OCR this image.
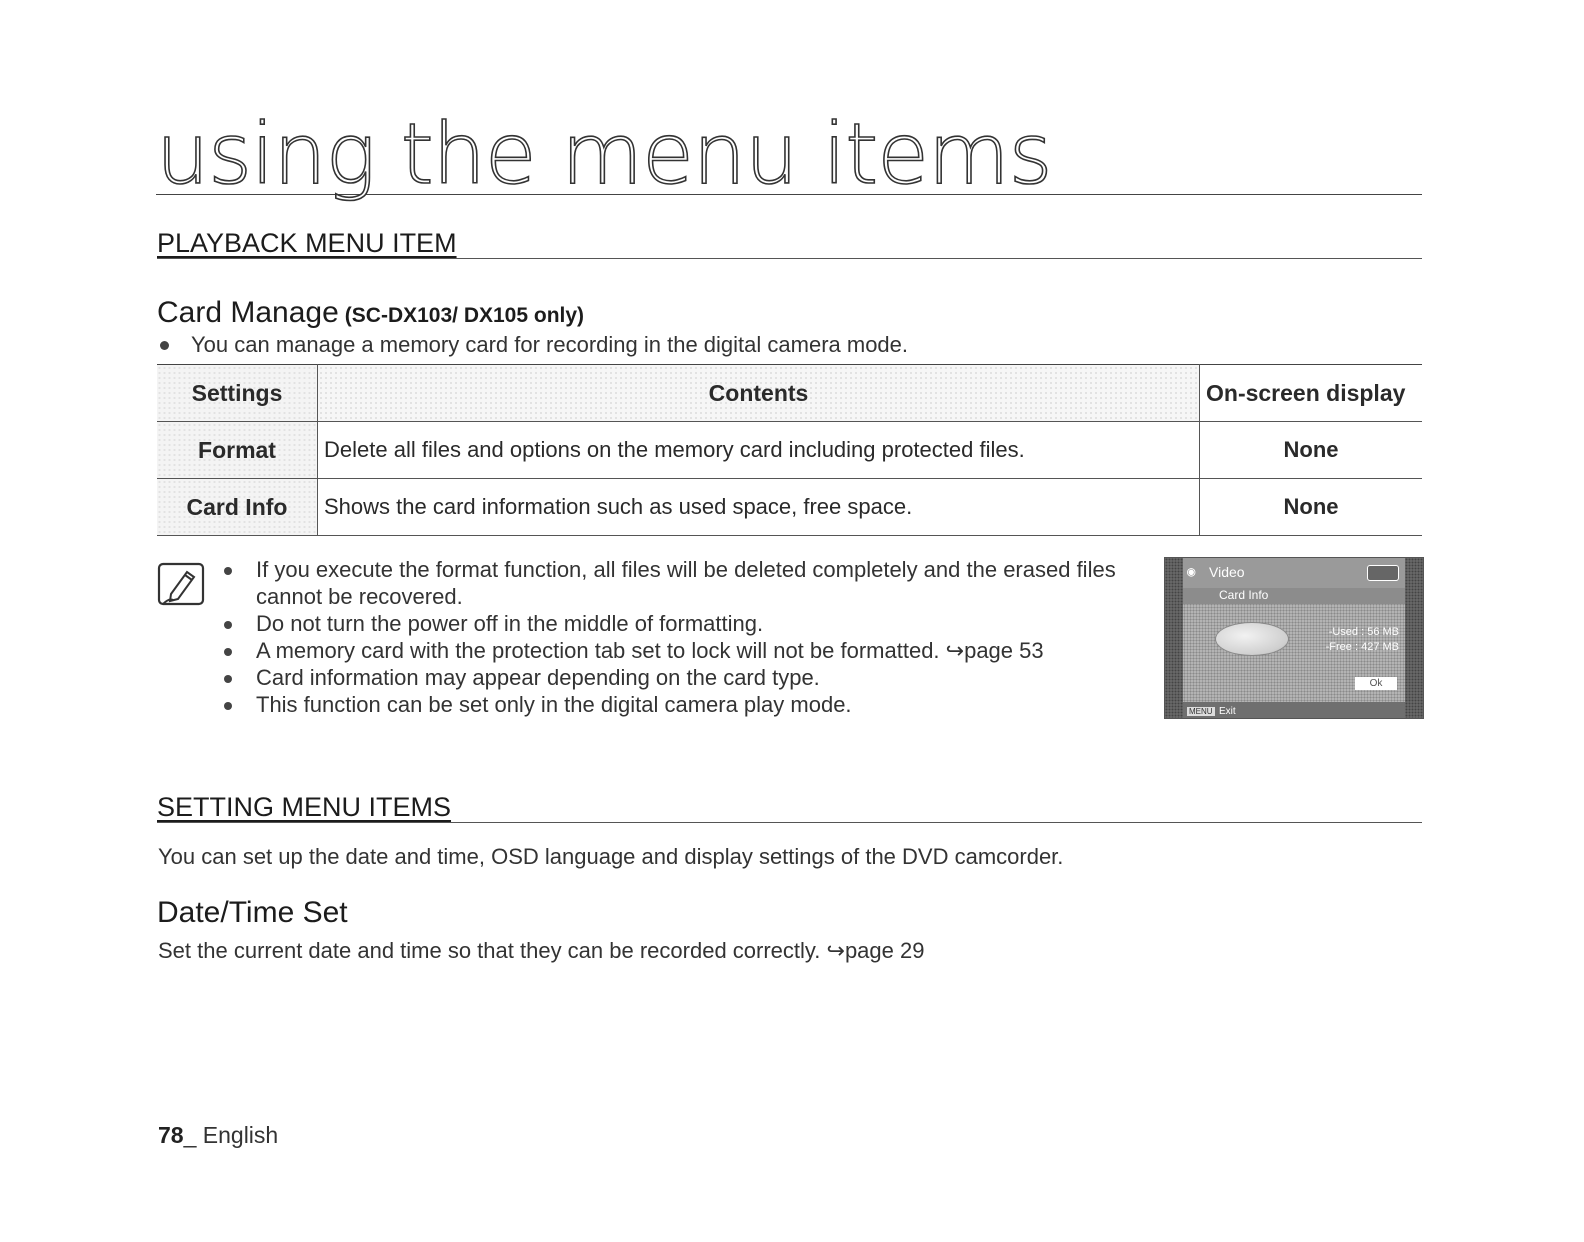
using the menu items
PLAYBACK MENU ITEM
Card Manage (SC-DX103/ DX105 only)
You can manage a memory card for recording in the digital camera mode.
Settings	Contents	On-screen display
Format	Delete all files and options on the memory card including protected files.	None
Card Info	Shows the card information such as used space, free space.	None
If you execute the format function, all files will be deleted completely and the erased files cannot be recovered.
Do not turn the power off in the middle of formatting.
A memory card with the protection tab set to lock will not be formatted. ↪page 53
Card information may appear depending on the card type.
This function can be set only in the digital camera play mode.
◉ Video
Card Info
-Used : 56 MB
-Free : 427 MB
Ok
MENU Exit
SETTING MENU ITEMS
You can set up the date and time, OSD language and display settings of the DVD camcorder.
Date/Time Set
Set the current date and time so that they can be recorded correctly. ↪page 29
78_ English
